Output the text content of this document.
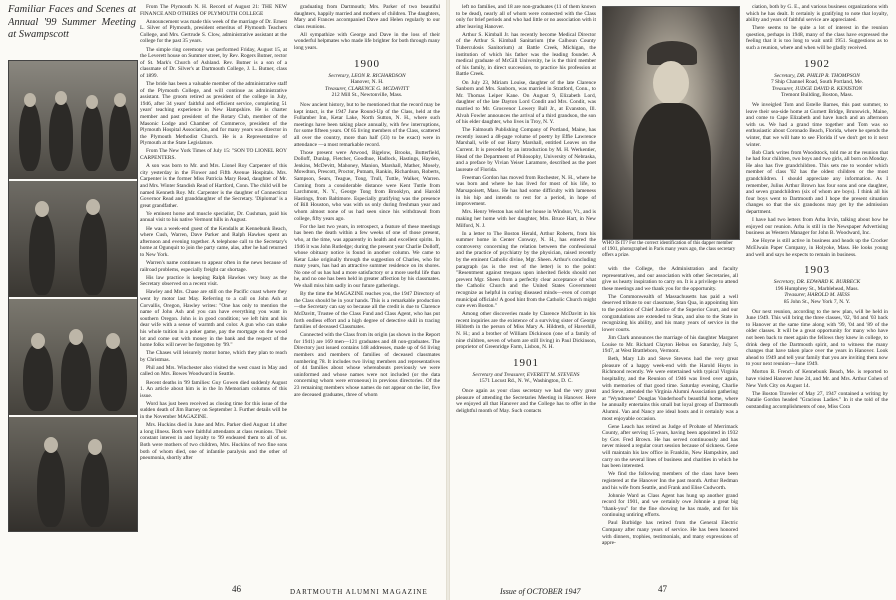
Familiar Faces and Scenes at Annual '99 Summer Meeting at Swampscott

From The Plymouth N. H. Record of August 21: THE NEW FINANCE AND OTHERS OF PLYMOUTH COLLEGE

Announcement was made this week of the marriage of Dr. Ernest L. Silver of Plymouth, president emeritus of Plymouth Teachers College, and Mrs. Gertrude S. Clow, administrative assistant at the college for the past 35 years.

The simple ring ceremony was performed Friday, August 15, at the Leverett house on Summer street, by Rev. Rogers Butner, rector of St. Mark's Church of Ashland. Rev. Butner is a son of a classmate of Dr. Silver's at Dartmouth College, J. L. Butner, class of 1899.

The bride has been a valuable member of the administrative staff of the Plymouth College, and will continue as administrative assistant. The groom retired as president of the college in July, 1946, after 34 years' faithful and efficient service, completing 51 years' teaching experience in New Hampshire. He is charter member and past president of the Rotary Club, member of the Masonic Lodge and Chamber of Commerce, president of the Plymouth Hospital Association, and for many years was director in the Plymouth Methodist Church. He is a Representative of Plymouth at the State Legislature.

From The New York Times of July 15: "SON TO LIONEL ROY CARPENTERS.

A son was born to Mr. and Mrs. Lionel Roy Carpenter of this city yesterday in the Flower and Fifth Avenue Hospitals. Mrs. Carpenter is the former Miss Patricia Mary Read, daughter of Mr. and Mrs. Winter Standish Read of Hartford, Conn. The child will be named Kenneth Roy. Mr. Carpenter is the daughter of Connecticut Governor Read and granddaughter of the Secretary. 'Diplomat' is a great grandfather.

Ye eminent horse and muscle specialist, Dr. Cushman, paid his annual visit to his native Vermont hills in August.

He was a week-end guest of the Kendalls at Kennebunk Beach, where Cush, Warren, Dave Parker and Ralph Hawkes spent an afternoon and evening together. A telephone call to the Secretary's home at Ogunquit to join the party came, alas, after he had returned to New York.

Warren's name continues to appear often in the news because of railroad problems, especially freight car shortage.

His law practice is keeping Ralph Hawkes very busy as the Secretary observed on a recent visit.

Hawley and Mrs. Chase are still on the Pacific coast where they went by motor last May. Referring to a call on John Ash at Corvallis, Oregon, Hawley writes: "One has only to mention the name of John Ash and you can have everything you want in southern Oregon. John is in good condition; we left him and his dear wife with a sense of warmth and color. A gun who can stake his whole tuition in a poker game, pay the mortgage on the wood lot and come out with money in the bank and the respect of the home folks will never be forgotten by '99."

The Chases will leisurely motor home, which they plan to reach by Christmas.

Phil and Mrs. Winchester also visited the west coast in May and called on Mrs. Bowes Woodward in Seattle.

Recent deaths in '99 families: Guy Gowen died suddenly August 1. An article about him is in the In Memoriam columns of this issue.

Word has just been received as closing time for this issue of the sudden death of Jim Barney on September 3. Further details will be in the November MAGAZINE.

Mrs. Huckins died in June and Mrs. Parker died August 14 after a long illness. Both were faithful attendants at class reunions. Their constant interest in and loyalty to '99 endeared them to all of us. Both were mothers of two children, Mrs. Huckins of two fine sons both of whom died, one of infantile paralysis and the other of pneumonia, shortly after

graduating from Dartmouth; Mrs. Parker of two beautiful daughters, happily married and mothers of children. The daughters, Mary and Frances accompanied Dave and Helen regularly to our class reunions.

All sympathize with George and Dave in the loss of their wonderful helpmates who made life brighter for both through many long years.

1900
Secretary, LEON R. RICHARDSON
Hanover, N. H.
Treasurer, CLARENCE G. MCDAVITT
212 Mill St., Newtonville, Mass.

Now ancient history, but to be mentioned that the record may be kept intact, is the 1947 June Round-Up of the Class, held at the Fullamber Inn, Ketar Lake, North Sutton, N. H., where such meetings have been taking place annually, with few interruptions, for some fifteen years. Of 65 living members of the Class, scattered all over the country, more than half (33) to be exact) were in attendance —a most remarkable record.

Those present were Atwood, Bigelow, Brooks, Butterfield, Dolloff, Dunlap, Fletcher, Goodhue, Hadlock, Hastings, Hayden, Jenkins, McDevitt, Mahoney, Manion, Marshall, Mather, Mosely, Mowdton, Prescott, Proctor, Putnam, Rankin, Richardson, Roberts, Sampson, Sears, Teague, Tong, Trull, Tuttle, Walker, Warren. Coming from a considerable distance were Kent Tuttle from Larchmont, N. Y., George Tong from Brooklyn, and Harold Hastings, from Baltimore. Especially gratifying was the presence of Bill Houston, who was with us only during freshman year and whom almost none of us had seen since his withdrawal from college, fifty years ago.

For the last two years, in retrospect, a feature of these meetings has been the death within a few weeks of one of those present, who, at the time, was apparently in health and excellent spirits. In 1946 it was John Rutledge; during the present year Charlie Dolloff, whose obituary notice is found in another column. We came to Ketar Lake originally through the suggestion of Charles, who for many years, has had an attractive summer residence on its shores. No one of us has had a more satisfactory or a more useful life than he, and no one has been held in greater affection by his classmates. We shall miss him sadly in our future gatherings.

By the time the MAGAZINE reaches you, the 1947 Directory of the Class should be in your hands. This is a remarkable production—the Secretary can say so because all the credit is due to Clarence McDavitt, Trustee of the Class Fund and Class Agent, who has put forth endless effort and a high degree of detective skill in tracing families of deceased Classmates.

Connected with the Class from its origin (as shown in the Report for 1941) are 169 men—121 graduates and 48 non-graduates. The Directory just issued contains 148 addresses, made up of 64 living members and members of families of deceased classmates numbering 78. It includes two living members and representatives of 44 families about whose whereabouts previously we were uninformed and whose names were not included (or the data concerning whom were erroneous) in previous directories. Of the 23 remaining members whose names do not appear on the list, five are deceased graduates, three of whom

46	DARTMOUTH ALUMNI MAGAZINE

left no families, and 18 are non-graduates (11 of them known to be dead), nearly all of whom were connected with the Class only for brief periods and who had little or no association with it after leaving Hanover.

Arthur S. Kimball Jr. has recently become Medical Director of the Arthur S. Kimball Sanitarium (the Calhoun County Tuberculosis Sanitorium) at Battle Creek, Michigan, the institution of which his father was the leading founder. A medical graduate of McGill University, he is the third member of his family, in direct succession, to practice his profession at Battle Creek.

On July 23, Miriam Louise, daughter of the late Clarence Sanborn and Mrs. Sanborn, was married in Stratford, Conn., to Mr. Thomas Leiper Kane. On August 9, Elizabeth Lord, daughter of the late Dayton Lord Condit and Mrs. Condit, was married to Mr. Grosvenor Lowery Ball Jr., at Evanston, Ill. Alvah Fowler announces the arrival of a third grandson, the son of his elder daughter, who lives in Troy, N. Y.

The Falmouth Publishing Company of Portland, Maine, has recently issued a 48-page volume of poetry by Effie Lawrence Marshall, wife of our Harry Marshall, entitled Leaves on the Current. It is preceded by an introduction by M. H. Werkentier, Head of the Department of Philosophy, University of Nebraska, and a preface by Vivian Yeiser Laramore, described as the poet laureate of Florida.

Freeman Gordon has moved from Rochester, N. H., where he was born and where he has lived for most of his life, to Marsapoisett, Mass. He has had some difficulty with lameness in his hip and intends to rest for a period, in hope of improvement.

Mrs. Henry Weston has sold her house in Windsor, Vt., and is making her home with her daughter, Mrs. Bruce Hart, in New Milford, N. J.

In a letter to The Boston Herald, Arthur Roberts, from his summer home in Center Conway, N. H., has entered the controversy concerning the relation between the confessional and the practice of psychiatry by the physician, raised recently by the eminent Catholic divine, Mgr. Sheen. Arthur's concluding paragraph (as is the rest of the letter) is to the point: "Resentment against trespass upon inherited fields should not prevent Mgr. Sheen from a perfectly clear acceptance of what the Catholic Church and the United States Government recognize as helpful in curing diseased minds—even of corrupt municipal officials! A good hint from the Catholic Church might cure even Boston."

Among other discoveries made by Clarence McDavitt in his recent inquiries are the existence of a surviving sister of George Hildreth in the person of Miss Mary A. Hildreth, of Haverhill, N. H.; and a brother of William Dickinson (one of a family of nine children, seven of whom are still living) in Paul Dickinson, proprietor of Greenridge Farm, Lisbon, N. H.

1901
Secretary and Treasurer, EVERETT M. STEVENS
1571 Locust Rd., N. W., Washington, D. C.

Once again as your class secretary we had the very great pleasure of attending the Secretaries Meeting in Hanover. Here we enjoyed all that Hanover and the College has to offer in the delightful month of May. Such contacts

WHO IS IT? For the correct identification of this dapper member of 1901, photographed in Paris many years ago, the class secretary offers a prize.

with the College, the Administration and faculty representatives, and our association with other Secretaries, all give us hearty inspiration to carry on. It is a privilege to attend these meetings and we thank you for the opportunity.

The Commonwealth of Massachusetts has paid a well deserved tribute to our classmate, Stan Qua, in appointing him to the position of Chief Justice of the Superior Court, and our congratulations are extended to Stan, and also to the State in recognizing his ability, and his many years of service in the lower courts.

Jim Clark announces the marriage of his daughter Margaret Louise to Mr. Richard Clayton Hebus on Saturday, July 5, 1947, at West Brattleboro, Vermont.

Beth, Mary Lib and Steve Stevens had the very great pleasure of a happy week-end with the Harold Hoyts in Richmond recently. We were entertained with typical Virginia hospitality, and the Reunion of 1946 was lived over again, with memories of that good time. Saturday evening, Charlie and Steve, attended the Virginia Alumni Association gathering at "Wyndmere" Douglas Vanderhoof's beautiful home, where he annually entertains this small but loyal group of Dartmouth Alumni. Van and Nancy are ideal hosts and it certainly was a most enjoyable occasion.

Gene Leach has retired as Judge of Probate of Merrimack County, after serving 15 years, having been appointed in 1932 by Gov. Fred Brown. He has served continuously and has never missed a regular court session because of sickness. Gene will maintain his law office in Franklin, New Hampshire, and carry on the several lines of business and charities in which he has been interested.

We find the following members of the class have been registered at the Hanover Inn the past month. Arthur Redman and his wife from Seattle, and Frank and Elise Cudworth.

Johnnie Ward as Class Agent has hung up another grand record for 1901, and we certainly owe Johnnie a great big "thank-you" for the fine showing he has made, and for his continuing untiring efforts.

Paul Burbidge has retired from the General Electric Company after many years of service. He has been honored with dinners, trophies, testimonials, and many expressions of appre-

ciation, both by G. E., and various business organizations with which he has dealt. It certainly is gratifying to note that loyalty, ability and years of faithful service are appreciated.

There seems to be quite a lot of interest in the reunion question, perhaps in 1948, many of the class have expressed the feeling that it is too long to wait until 1951. Suggestions as to such a reunion, where and when will be gladly received.

1902
Secretary, DR. PHILIP R. THOMPSON
7 Ship Channel Road, South Portland, Me.
Treasurer, JUDGE DAVID R. KENISTON
Tremont Building, Boston, Mass.

We inveigled Tom and Estelle Barnes, this past summer, to leave their sea-side home at Gurnett Bridge, Brunswick, Maine, and come to Cape Elizabeth and have lunch and an afternoon with us. We had a grand time together and Tom was so enthusiastic about Coronado Beach, Florida, where he spends the winter, that we will hate to see Florida if we don't get to it next winter.

Bob Clark writes from Woodstock, told me at the reunion that he had four children, two boys and two girls, all born on Monday. He also has five grandchildren. This sets me to wonder which member of class '02 has the oldest children or the most grandchildren. I should appreciate any information. As I remember, Julius Arthur Brown has four sons and one daughter, and seven grandchildren (six of whom are boys). I think all his four boys went to Dartmouth and I hope the present situation changes so that the six grandsons may get by the admission department.

I have had two letters from Arba Irvin, talking about how he enjoyed our reunion. Arba is still in the Newspaper Advertising business as Western Manager for John B. Woodward, Inc.

Joe Hoyne is still active in business and heads up the Crocker McElwain Paper Company, in Holyoke, Mass. He looks young and well and says he expects to remain in business.

1903
Secretary, DR. EDWARD K. BURBECK
196 Humphrey St., Marblehead, Mass.
Treasurer, HAROLD M. HESS
85 John St., New York 7, N. Y.

Our next reunion, according to the new plan, will be held in June 1949. This will bring the three classes, '02, '04 and '03 back to Hanover at the same time along with '99, '04 and '89 of the older classes. It will be a great opportunity for many who have not been back to meet again the fellows they knew in college, to drink deep of the Dartmouth spirit, and to witness the many changes that have taken place over the years in Hanover. Look ahead to 1949 and tell your family that you are inviting them now to your next reunion—June 1949.

Morton B. French of Kennebunk Beach, Me. is reported to have visited Hanover June 24, and Mr. and Mrs. Arthur Cohen of New York City on August 14.

The Boston Traveler of May 27, 1947 contained a writing by Natalie Gordon headed "Gracious Ladies." In it she told of the outstanding accomplishments of one, Miss Cora

Issue of OCTOBER 1947	47
